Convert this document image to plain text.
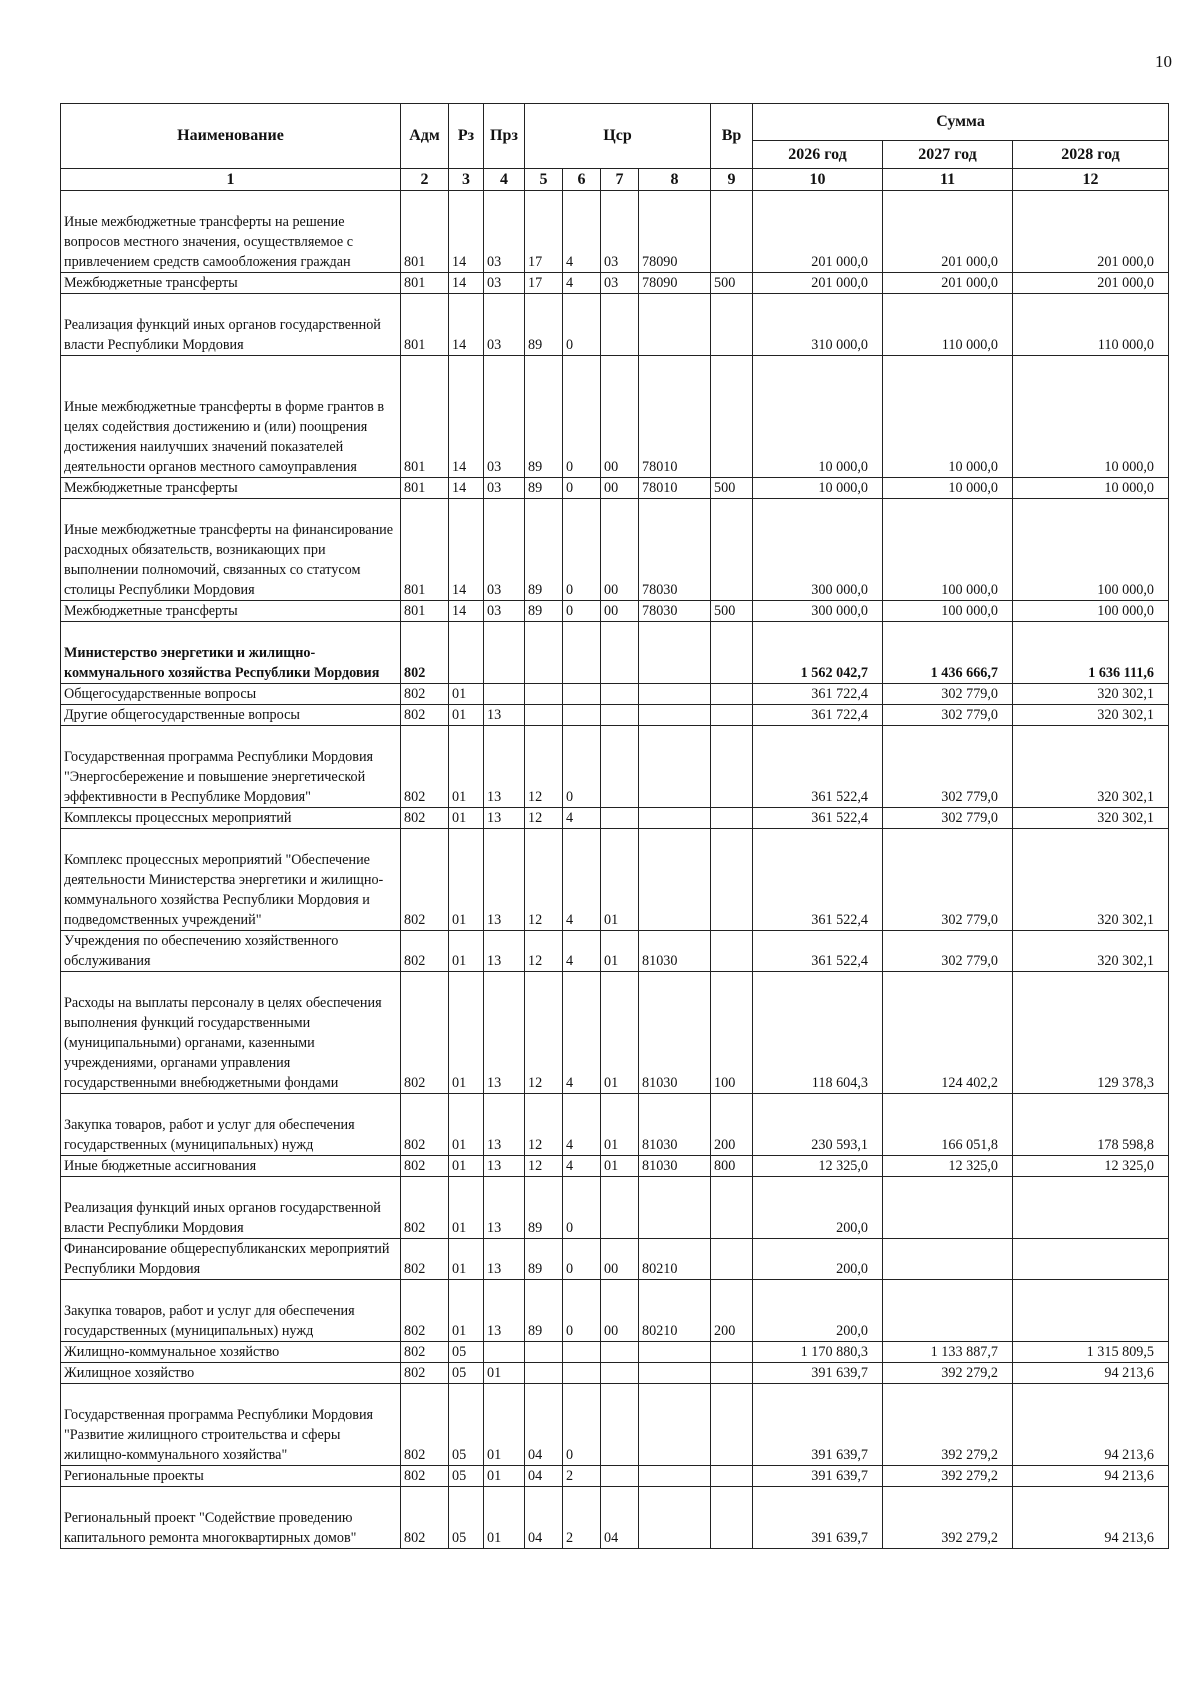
10
Наименование	Адм	Рз	Прз	Цср				Вр	Сумма		
									2026 год	2027 год	2028 год
1	2	3	4	5	6	7	8	9	10	11	12
Иные межбюджетные трансферты на решение вопросов местного значения, осуществляемое с привлечением средств самообложения граждан	801	14	03	17	4	03	78090		201 000,0	201 000,0	201 000,0
Межбюджетные трансферты	801	14	03	17	4	03	78090	500	201 000,0	201 000,0	201 000,0
Реализация функций иных органов государственной власти Республики Мордовия	801	14	03	89	0				310 000,0	110 000,0	110 000,0
Иные межбюджетные трансферты в форме грантов в целях содействия достижению и (или) поощрения достижения наилучших значений показателей деятельности органов местного самоуправления	801	14	03	89	0	00	78010		10 000,0	10 000,0	10 000,0
Межбюджетные трансферты	801	14	03	89	0	00	78010	500	10 000,0	10 000,0	10 000,0
Иные межбюджетные трансферты на финансирование расходных обязательств, возникающих при выполнении полномочий, связанных со статусом столицы Республики Мордовия	801	14	03	89	0	00	78030		300 000,0	100 000,0	100 000,0
Межбюджетные трансферты	801	14	03	89	0	00	78030	500	300 000,0	100 000,0	100 000,0
Министерство энергетики и жилищно-коммунального хозяйства Республики Мордовия	802								1 562 042,7	1 436 666,7	1 636 111,6
Общегосударственные вопросы	802	01							361 722,4	302 779,0	320 302,1
Другие общегосударственные вопросы	802	01	13						361 722,4	302 779,0	320 302,1
Государственная программа Республики Мордовия "Энергосбережение и повышение энергетической эффективности в Республике Мордовия"	802	01	13	12	0				361 522,4	302 779,0	320 302,1
Комплексы процессных мероприятий	802	01	13	12	4				361 522,4	302 779,0	320 302,1
Комплекс процессных мероприятий "Обеспечение деятельности Министерства энергетики и жилищно-коммунального хозяйства Республики Мордовия и подведомственных учреждений"	802	01	13	12	4	01			361 522,4	302 779,0	320 302,1
Учреждения по обеспечению хозяйственного обслуживания	802	01	13	12	4	01	81030		361 522,4	302 779,0	320 302,1
Расходы на выплаты персоналу в целях обеспечения выполнения функций государственными (муниципальными) органами, казенными учреждениями, органами управления государственными внебюджетными фондами	802	01	13	12	4	01	81030	100	118 604,3	124 402,2	129 378,3
Закупка товаров, работ и услуг для обеспечения государственных (муниципальных) нужд	802	01	13	12	4	01	81030	200	230 593,1	166 051,8	178 598,8
Иные бюджетные ассигнования	802	01	13	12	4	01	81030	800	12 325,0	12 325,0	12 325,0
Реализация функций иных органов государственной власти Республики Мордовия	802	01	13	89	0				200,0		
Финансирование общереспубликанских мероприятий Республики Мордовия	802	01	13	89	0	00	80210		200,0		
Закупка товаров, работ и услуг для обеспечения государственных (муниципальных) нужд	802	01	13	89	0	00	80210	200	200,0		
Жилищно-коммунальное хозяйство	802	05							1 170 880,3	1 133 887,7	1 315 809,5
Жилищное хозяйство	802	05	01						391 639,7	392 279,2	94 213,6
Государственная программа Республики Мордовия "Развитие жилищного строительства и сферы жилищно-коммунального хозяйства"	802	05	01	04	0				391 639,7	392 279,2	94 213,6
Региональные проекты	802	05	01	04	2				391 639,7	392 279,2	94 213,6
Региональный проект "Содействие проведению капитального ремонта многоквартирных домов"	802	05	01	04	2	04			391 639,7	392 279,2	94 213,6
